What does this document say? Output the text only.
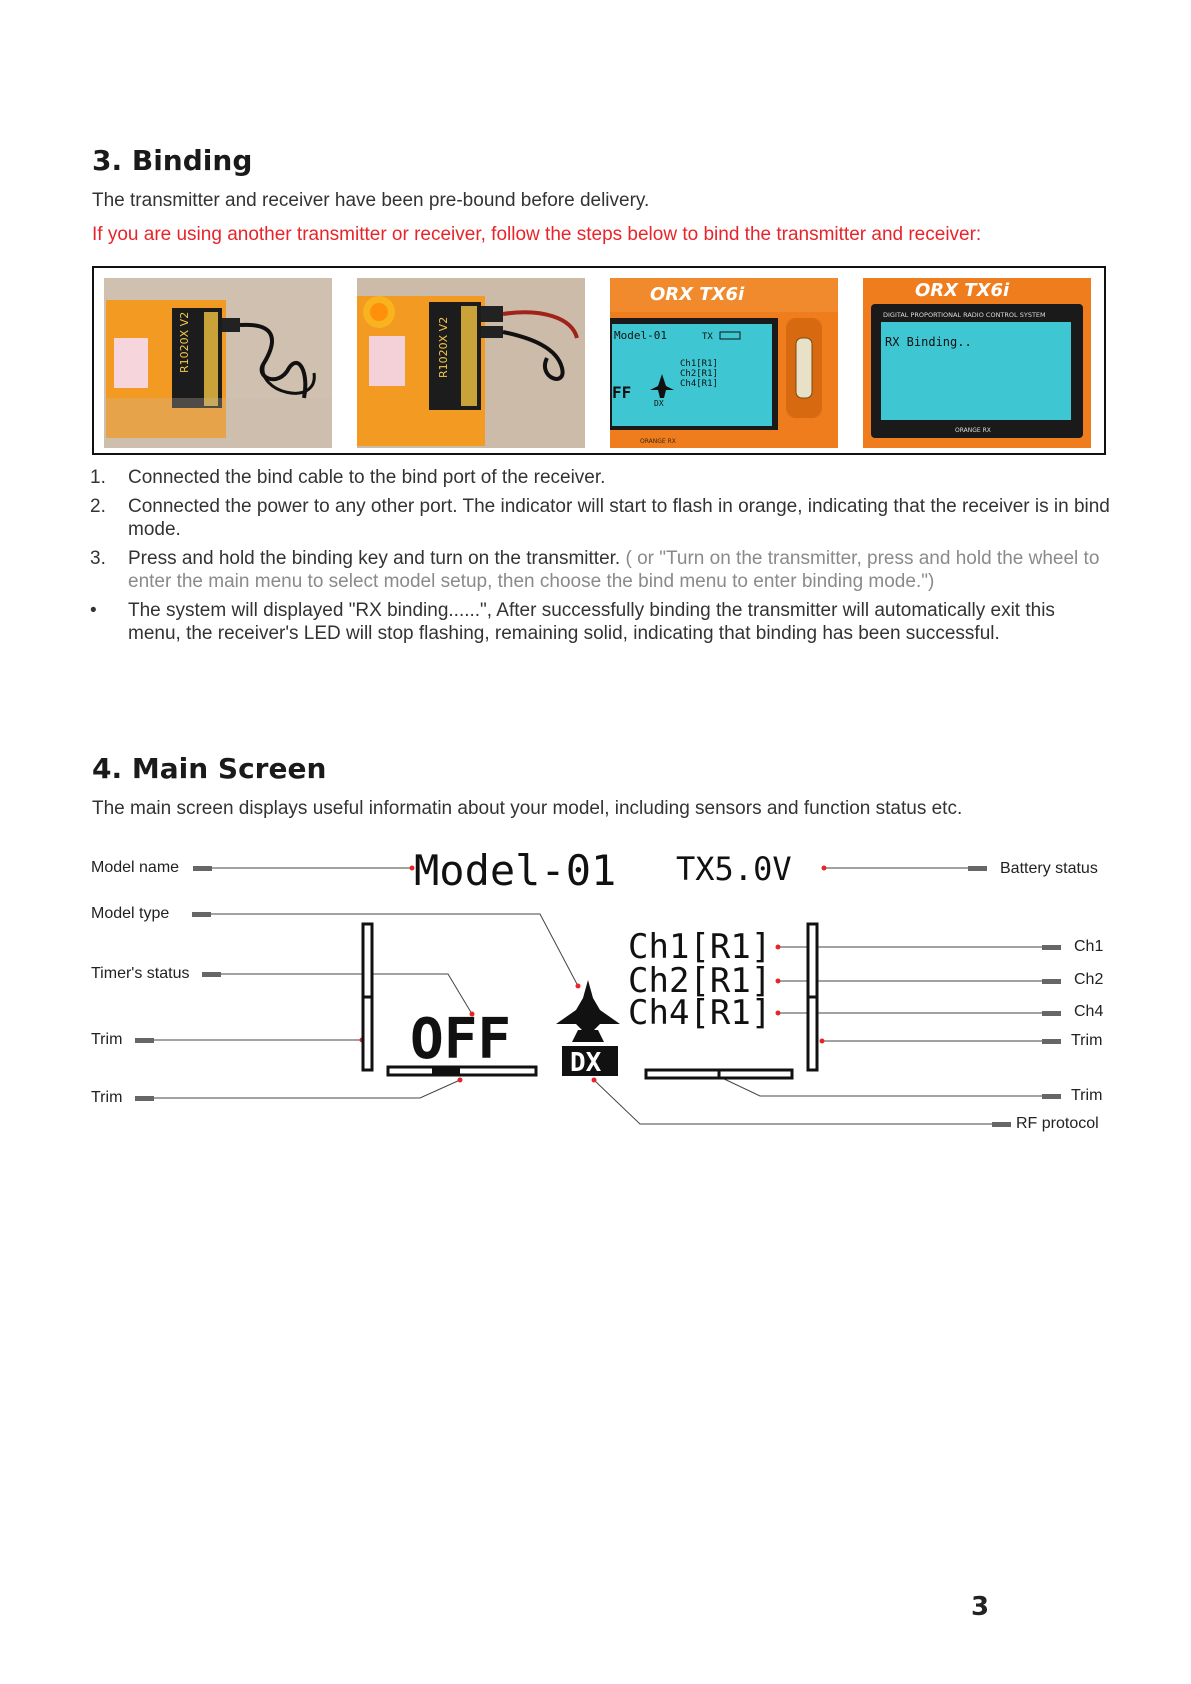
3. Binding
The transmitter and receiver have been pre-bound before delivery.
If you are using another transmitter or receiver, follow the steps below to bind the transmitter and receiver:
R1020X V2	R1020X V2
ORX TX6i
Model-01	TX
Ch1[R1]
Ch2[R1]
Ch4[R1]
FF
DX
ORANGE RX
ORX TX6i
DIGITAL PROPORTIONAL RADIO CONTROL SYSTEM
RX Binding..
ORANGE RX
1. Connected the bind cable to the bind port of the receiver.
2. Connected the power to any other port. The indicator will start to flash in orange, indicating that the receiver is in bind mode.
3. Press and hold the binding key and turn on the transmitter. ( or "Turn on the transmitter, press and hold the wheel to enter the main menu to select model setup, then choose the bind menu to enter binding mode.")
• The system will displayed "RX binding......", After successfully binding the transmitter will automatically exit this menu, the receiver's LED will stop flashing, remaining solid, indicating that binding has been successful.
4. Main Screen
The main screen displays useful informatin about your model, including sensors and function status etc.
Model-01 TX5.0V
OFF DX
Ch1[R1]
Ch2[R1]
Ch4[R1]
Model name
Model type
Timer's status
Trim
Trim
Battery status
Ch1
Ch2
Ch4
Trim
Trim
RF protocol
3
